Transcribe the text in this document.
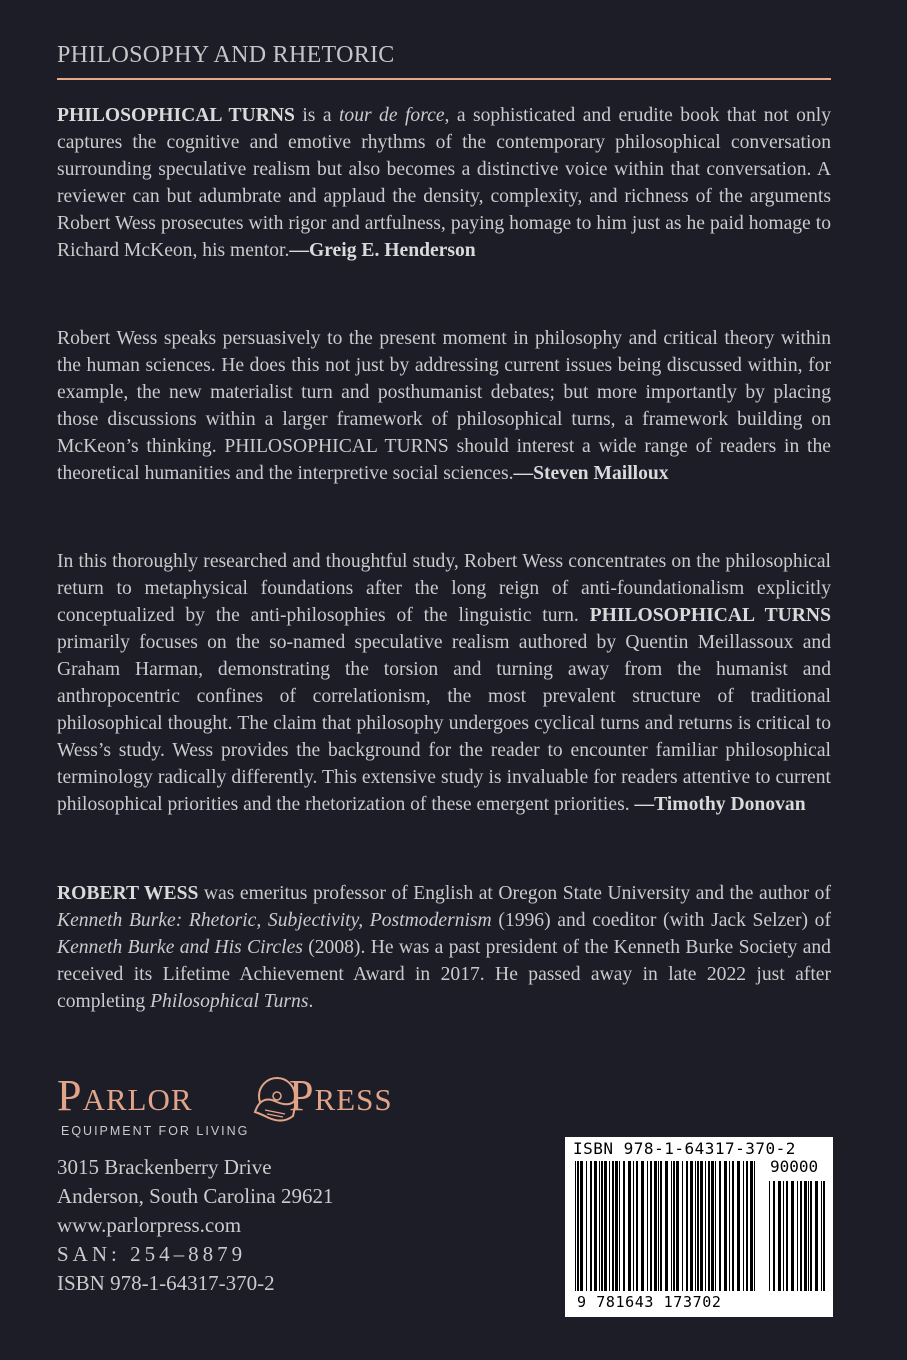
PHILOSOPHY AND RHETORIC

PHILOSOPHICAL TURNS is a tour de force, a sophisticated and erudite book that not only captures the cognitive and emotive rhythms of the contemporary philosophical conversation surrounding speculative realism but also becomes a distinctive voice within that conversation. A reviewer can but adumbrate and applaud the density, complexity, and richness of the arguments Robert Wess prosecutes with rigor and artfulness, paying homage to him just as he paid homage to Richard McKeon, his mentor.—Greig E. Henderson

Robert Wess speaks persuasively to the present moment in philosophy and critical theory within the human sciences. He does this not just by addressing current issues being discussed within, for example, the new materialist turn and posthumanist debates; but more importantly by placing those discussions within a larger framework of philosophical turns, a framework building on McKeon’s thinking. PHILOSOPHICAL TURNS should interest a wide range of readers in the theoretical humanities and the interpretive social sciences.—Steven Mailloux

In this thoroughly researched and thoughtful study, Robert Wess concentrates on the philosophical return to metaphysical foundations after the long reign of anti-foundationalism explicitly conceptualized by the anti-philosophies of the linguistic turn. PHILOSOPHICAL TURNS primarily focuses on the so-named speculative realism authored by Quentin Meillassoux and Graham Harman, demonstrating the torsion and turning away from the humanist and anthropocentric confines of correlationism, the most prevalent structure of traditional philosophical thought. The claim that philosophy undergoes cyclical turns and returns is critical to Wess’s study. Wess provides the background for the reader to encounter familiar philosophical terminology radically differently. This extensive study is invaluable for readers attentive to current philosophical priorities and the rhetorization of these emergent priorities. —Timothy Donovan

ROBERT WESS was emeritus professor of English at Oregon State University and the author of Kenneth Burke: Rhetoric, Subjectivity, Postmodernism (1996) and coeditor (with Jack Selzer) of Kenneth Burke and His Circles (2008). He was a past president of the Kenneth Burke Society and received its Lifetime Achievement Award in 2017. He passed away in late 2022 just after completing Philosophical Turns.

Parlor Press
EQUIPMENT FOR LIVING
3015 Brackenberry Drive
Anderson, South Carolina 29621
www.parlorpress.com
SAN: 254–8879
ISBN 978-1-64317-370-2
ISBN 978-1-64317-370-2
90000
9 781643 173702
